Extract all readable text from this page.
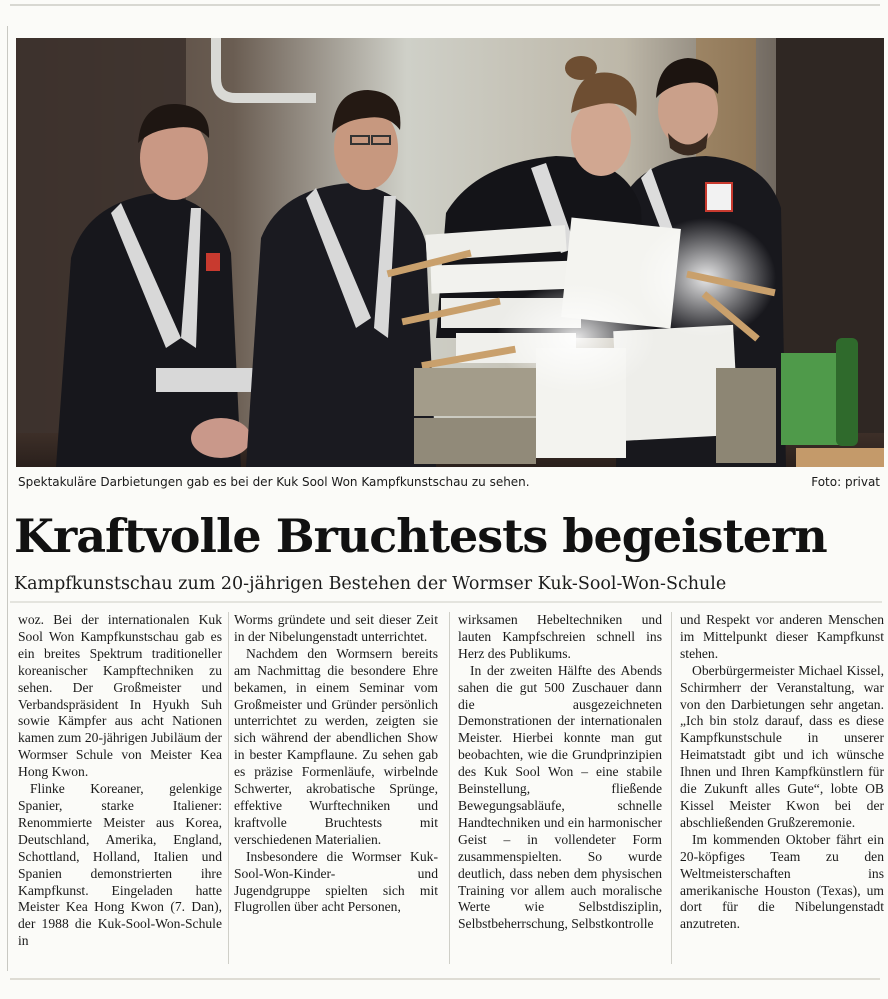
Spektakuläre Darbietungen gab es bei der Kuk Sool Won Kampfkunstschau zu sehen.	Foto: privat
Kraftvolle Bruchtests begeistern
Kampfkunstschau zum 20-jährigen Bestehen der Wormser Kuk-Sool-Won-Schule

woz. Bei der internationalen Kuk Sool Won Kampfkunstschau gab es ein breites Spektrum traditioneller koreanischer Kampftechniken zu sehen. Der Großmeister und Verbandspräsident In Hyukh Suh sowie Kämpfer aus acht Nationen kamen zum 20-jährigen Jubiläum der Wormser Schule von Meister Kea Hong Kwon.

Flinke Koreaner, gelenkige Spanier, starke Italiener: Renommierte Meister aus Korea, Deutschland, Amerika, England, Schottland, Holland, Italien und Spanien demonstrierten ihre Kampfkunst. Eingeladen hatte Meister Kea Hong Kwon (7. Dan), der 1988 die Kuk-Sool-Won-Schule in

Worms gründete und seit dieser Zeit in der Nibelungenstadt unterrichtet.

Nachdem den Wormsern bereits am Nachmittag die besondere Ehre bekamen, in einem Seminar vom Großmeister und Gründer persönlich unterrichtet zu werden, zeigten sie sich während der abendlichen Show in bester Kampflaune. Zu sehen gab es präzise Formenläufe, wirbelnde Schwerter, akrobatische Sprünge, effektive Wurftechniken und kraftvolle Bruchtests mit verschiedenen Materialien.

Insbesondere die Wormser Kuk-Sool-Won-Kinder- und Jugendgruppe spielten sich mit Flugrollen über acht Personen,

wirksamen Hebeltechniken und lauten Kampfschreien schnell ins Herz des Publikums.

In der zweiten Hälfte des Abends sahen die gut 500 Zuschauer dann die ausgezeichneten Demonstrationen der internationalen Meister. Hierbei konnte man gut beobachten, wie die Grundprinzipien des Kuk Sool Won – eine stabile Beinstellung, fließende Bewegungsabläufe, schnelle Handtechniken und ein harmonischer Geist – in vollendeter Form zusammenspielten. So wurde deutlich, dass neben dem physischen Training vor allem auch moralische Werte wie Selbstdisziplin, Selbstbeherrschung, Selbstkontrolle

und Respekt vor anderen Menschen im Mittelpunkt dieser Kampfkunst stehen.

Oberbürgermeister Michael Kissel, Schirmherr der Veranstaltung, war von den Darbietungen sehr angetan. „Ich bin stolz darauf, dass es diese Kampfkunstschule in unserer Heimatstadt gibt und ich wünsche Ihnen und Ihren Kampfkünstlern für die Zukunft alles Gute“, lobte OB Kissel Meister Kwon bei der abschließenden Grußzeremonie.

Im kommenden Oktober fährt ein 20-köpfiges Team zu den Weltmeisterschaften ins amerikanische Houston (Texas), um dort für die Nibelungenstadt anzutreten.
